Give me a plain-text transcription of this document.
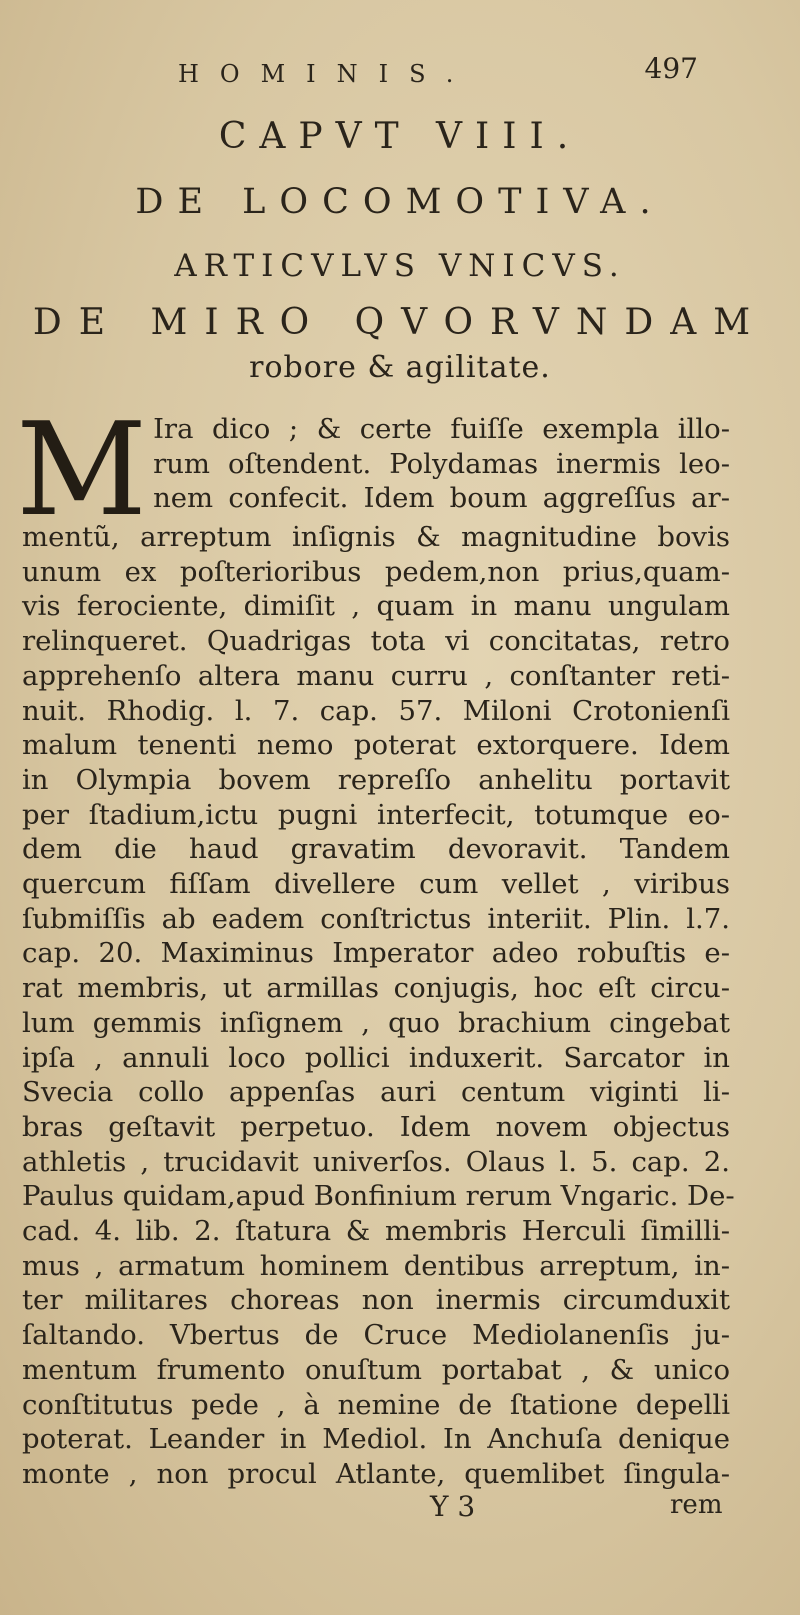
HOMINIS.	497
CAPVT VIII.
DE LOCOMOTIVA.
ARTICVLVS VNICVS.
DE MIRO QVORVNDAM
robore & agilitate.
M Ira dico ; & certe fuiſſe exempla illo-
rum oſtendent. Polydamas inermis leo-
nem confecit. Idem boum aggreſſus ar-
mentũ, arreptum inſignis & magnitudine bovis
unum ex poſterioribus pedem,non prius,quam-
vis ferociente, dimiſit , quam in manu ungulam
relinqueret. Quadrigas tota vi concitatas, retro
apprehenſo altera manu curru , conſtanter reti-
nuit. Rhodig. l. 7. cap. 57. Miloni Crotonienſi
malum tenenti nemo poterat extorquere. Idem
in Olympia bovem repreſſo anhelitu portavit
per ſtadium,ictu pugni interfecit, totumque eo-
dem die haud gravatim devoravit. Tandem
quercum fiſſam divellere cum vellet , viribus
ſubmiſſis ab eadem conſtrictus interiit. Plin. l.7.
cap. 20. Maximinus Imperator adeo robuſtis e-
rat membris, ut armillas conjugis, hoc eſt circu-
lum gemmis inſignem , quo brachium cingebat
ipſa , annuli loco pollici induxerit. Sarcator in
Svecia collo appenſas auri centum viginti li-
bras geſtavit perpetuo. Idem novem objectus
athletis , trucidavit univerſos. Olaus l. 5. cap. 2.
Paulus quidam,apud Bonfinium rerum Vngaric. De-
cad. 4. lib. 2. ſtatura & membris Herculi ſimilli-
mus , armatum hominem dentibus arreptum, in-
ter militares choreas non inermis circumduxit
ſaltando. Vbertus de Cruce Mediolanenſis ju-
mentum frumento onuſtum portabat , & unico
conſtitutus pede , à nemine de ſtatione depelli
poterat. Leander in Mediol. In Anchuſa denique
monte , non procul Atlante, quemlibet ſingula-
Y 3	rem
